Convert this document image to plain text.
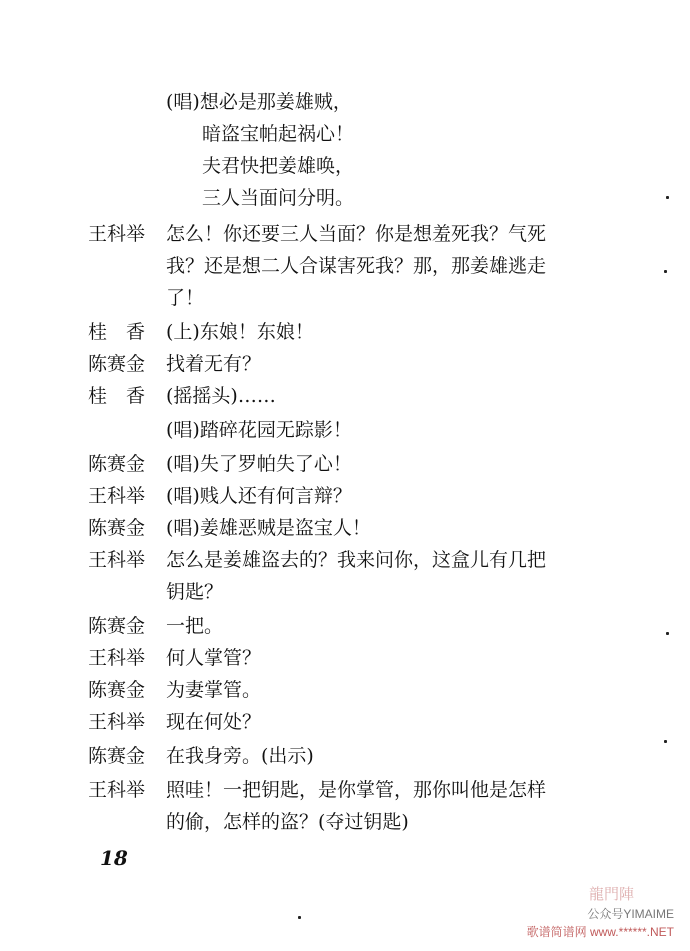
(唱)想必是那姜雄贼，
暗盗宝帕起祸心！
夫君快把姜雄唤，
三人当面问分明。
王科举 怎么！你还要三人当面？你是想羞死我？气死
我？还是想二人合谋害死我？那，那姜雄逃走
了！
桂　香 (上)东娘！东娘！
陈赛金 找着无有？
桂　香 (摇摇头)……
(唱)踏碎花园无踪影！
陈赛金 (唱)失了罗帕失了心！
王科举 (唱)贱人还有何言辩？
陈赛金 (唱)姜雄恶贼是盗宝人！
王科举 怎么是姜雄盗去的？我来问你，这盒儿有几把
钥匙？
陈赛金 一把。
王科举 何人掌管？
陈赛金 为妻掌管。
王科举 现在何处？
陈赛金 在我身旁。(出示)
王科举 照哇！一把钥匙，是你掌管，那你叫他是怎样
的偷，怎样的盗？(夺过钥匙)
18
龍門陣
公众号YIMAIME
歌谱简谱网 www.******.NET
